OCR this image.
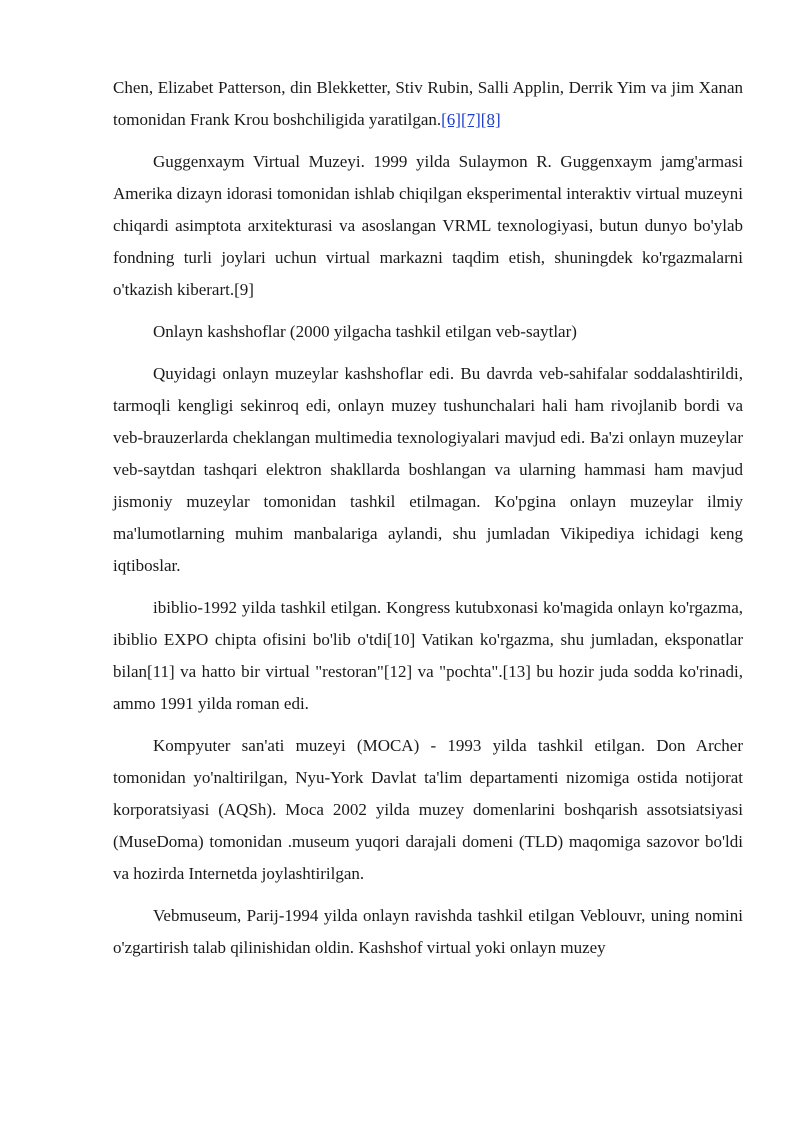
Chen, Elizabet Patterson, din Blekketter, Stiv Rubin, Salli Applin, Derrik Yim va jim Xanan tomonidan Frank Krou boshchiligida yaratilgan.[6][7][8]

Guggenxaym Virtual Muzeyi. 1999 yilda Sulaymon R. Guggenxaym jamg'armasi Amerika dizayn idorasi tomonidan ishlab chiqilgan eksperimental interaktiv virtual muzeyni chiqardi asimptota arxitekturasi va asoslangan VRML texnologiyasi, butun dunyo bo'ylab fondning turli joylari uchun virtual markazni taqdim etish, shuningdek ko'rgazmalarni o'tkazish kiberart.[9]

Onlayn kashshoflar (2000 yilgacha tashkil etilgan veb-saytlar)

Quyidagi onlayn muzeylar kashshoflar edi. Bu davrda veb-sahifalar soddalashtirildi, tarmoqli kengligi sekinroq edi, onlayn muzey tushunchalari hali ham rivojlanib bordi va veb-brauzerlarda cheklangan multimedia texnologiyalari mavjud edi. Ba'zi onlayn muzeylar veb-saytdan tashqari elektron shakllarda boshlangan va ularning hammasi ham mavjud jismoniy muzeylar tomonidan tashkil etilmagan. Ko'pgina onlayn muzeylar ilmiy ma'lumotlarning muhim manbalariga aylandi, shu jumladan Vikipediya ichidagi keng iqtiboslar.

ibiblio-1992 yilda tashkil etilgan. Kongress kutubxonasi ko'magida onlayn ko'rgazma, ibiblio EXPO chipta ofisini bo'lib o'tdi[10] Vatikan ko'rgazma, shu jumladan, eksponatlar bilan[11] va hatto bir virtual "restoran"[12] va "pochta".[13] bu hozir juda sodda ko'rinadi, ammo 1991 yilda roman edi.

Kompyuter san'ati muzeyi (MOCA) - 1993 yilda tashkil etilgan. Don Archer tomonidan yo'naltirilgan, Nyu-York Davlat ta'lim departamenti nizomiga ostida notijorat korporatsiyasi (AQSh). Moca 2002 yilda muzey domenlarini boshqarish assotsiatsiyasi (MuseDoma) tomonidan .museum yuqori darajali domeni (TLD) maqomiga sazovor bo'ldi va hozirda Internetda joylashtirilgan.

Vebmuseum, Parij-1994 yilda onlayn ravishda tashkil etilgan Veblouvr, uning nomini o'zgartirish talab qilinishidan oldin. Kashshof virtual yoki onlayn muzey
